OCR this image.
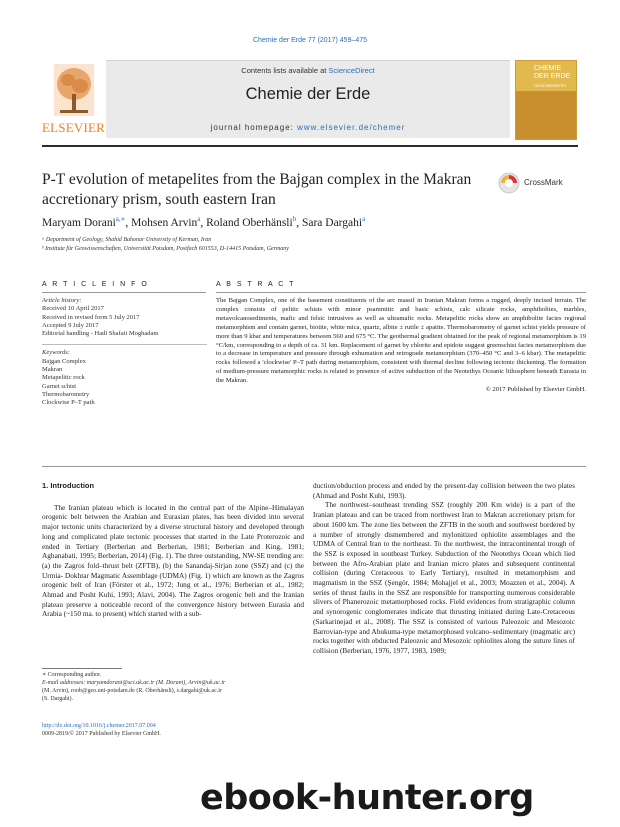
Chemie der Erde 77 (2017) 459–475
ELSEVIER
Contents lists available at ScienceDirect
Chemie der Erde
journal homepage: www.elsevier.de/chemer
CHEMIE DER ERDE
GEOCHEMISTRY
P-T evolution of metapelites from the Bajgan complex in the Makran accretionary prism, south eastern Iran
CrossMark
Maryam Dorani$^{a,∗}$, Mohsen Arvin$^a$, Roland Oberhänsli$^b$, Sara Dargahi$^a$
ᵃ Department of Geology, Shahid Bahonar University of Kerman, Iran
ᵇ Institute für Geowissenschaften, Universität Potsdam, Postfach 601553, D-14415 Potsdam, Germany
A R T I C L E I N F O	A B S T R A C T
Article history:
Received 10 April 2017
Received in revised form 5 July 2017
Accepted 9 July 2017
Editorial handling - Hadi Shafaii Moghadam
Keywords:
Bajgan Complex
Makran
Metapelitic rock
Garnet schist
Thermobarometry
Clockwise P–T path
The Bajgan Complex, one of the basement constituents of the arc massif in Iranian Makran forms a rugged, deeply incised terrain. The complex consists of pelitic schists with minor psammitic and basic schists, calc silicate rocks, amphibolites, marbles, metavolcanosediments, mafic and felsic intrusives as well as ultramafic rocks. Metapelitic rocks show an amphibolite facies regional metamorphism and contain garnet, biotite, white mica, quartz, albite ± rutile ± apatite. Thermobarometry of garnet schist yields pressure of more than 9 kbar and temperatures between 560 and 675 °C. The geothermal gradient obtained for the peak of regional metamorphism is 19 °C/km, corresponding to a depth of ca. 31 km. Replacement of garnet by chlorite and epidote suggest greenschist facies metamorphism due to a decrease in temperature and pressure through exhumation and retrograde metamorphism (370–450 °C and 3–6 kbar). The metapelitic rocks followed a 'clockwise' P–T path during metamorphism, consistent with thermal decline following tectonic thickening. The formation of medium-pressure metamorphic rocks is related to presence of active subduction of the Neotethys Oceanic lithosphere beneath Eurasia in the Makran.
© 2017 Published by Elsevier GmbH.
1. Introduction
The Iranian plateau which is located in the central part of the Alpine–Himalayan orogenic belt between the Arabian and Eurasian plates, has been divided into several major tectonic units characterized by a diverse structural history and developed through long and complicated plate tectonic processes that started in the Late Proterozoic and ended in Tertiary (Berberian and Berberian, 1981; Berberian and King, 1981; Aghanabati, 1995; Berberian, 2014) (Fig. 1). The three outstanding, NW-SE trending are: (a) the Zagros fold–thrust belt (ZFTB), (b) the Sanandaj-Sirjan zone (SSZ) and (c) the Urmia- Dokhtar Magmatic Assemblage (UDMA) (Fig. 1) which are known as the Zagros orogenic belt of Iran (Förster et al., 1972; Jung et al., 1976; Berberian et al., 1982; Ahmad and Posht Kuhi, 1993; Alavi, 2004). The Zagros orogenic belt and the Iranian plateau preserve a noticeable record of the convergence history between Eurasia and Arabia (~150 ma. to present) which started with a sub-
duction/obduction process and ended by the present-day collision between the two plates (Ahmad and Posht Kuhi, 1993).
The northwest–southeast trending SSZ (roughly 200 Km wide) is a part of the Iranian plateau and can be traced from northwest Iran to Makran accretionary prism for about 1600 km. The zone lies between the ZFTB in the south and southwest bordered by a number of strongly dismembered and mylonitized ophiolite assemblages and the UDMA of Central Iran to the northeast. To the northwest, the intracontinental trough of the SSZ is exposed in southeast Turkey. Subduction of the Neotethys Ocean which lied between the Afro-Arabian plate and Iranian micro plates and subsequent continental collision (during Cretaceous to Early Tertiary), resulted in metamorphism and magmatism in the SSZ (Şengör, 1984; Mohajjel et al., 2003; Moazzen et al., 2004). A series of thrust faults in the SSZ are responsible for transporting numerous considerable slivers of Phanerozoic metamorphosed rocks. Field evidences from stratigraphic column and synorogenic conglomerates indicate that thrusting initiated during Late-Cretaceous (Sarkarinejad et al., 2008). The SSZ is consisted of various Paleozoic and Mesozoic Barrovian-type and Abukuma-type metamorphosed volcano–sedimentary (magmatic arc) rocks together with obducted Paleozoic and Mesozoic ophiolites along the suture lines of collision (Berberian, 1976, 1977, 1983, 1989;
∗ Corresponding author.
E-mail addresses: maryamdorani@sci.uk.ac.ir (M. Dorani), Arvin@uk.ac.ir
(M. Arvin), roob@geo.uni-potsdam.de (R. Oberhänsli), s.dargahi@uk.ac.ir
(S. Dargahi).
http://dx.doi.org/10.1016/j.chemer.2017.07.004
0009-2819/© 2017 Published by Elsevier GmbH.
ebook-hunter.org
